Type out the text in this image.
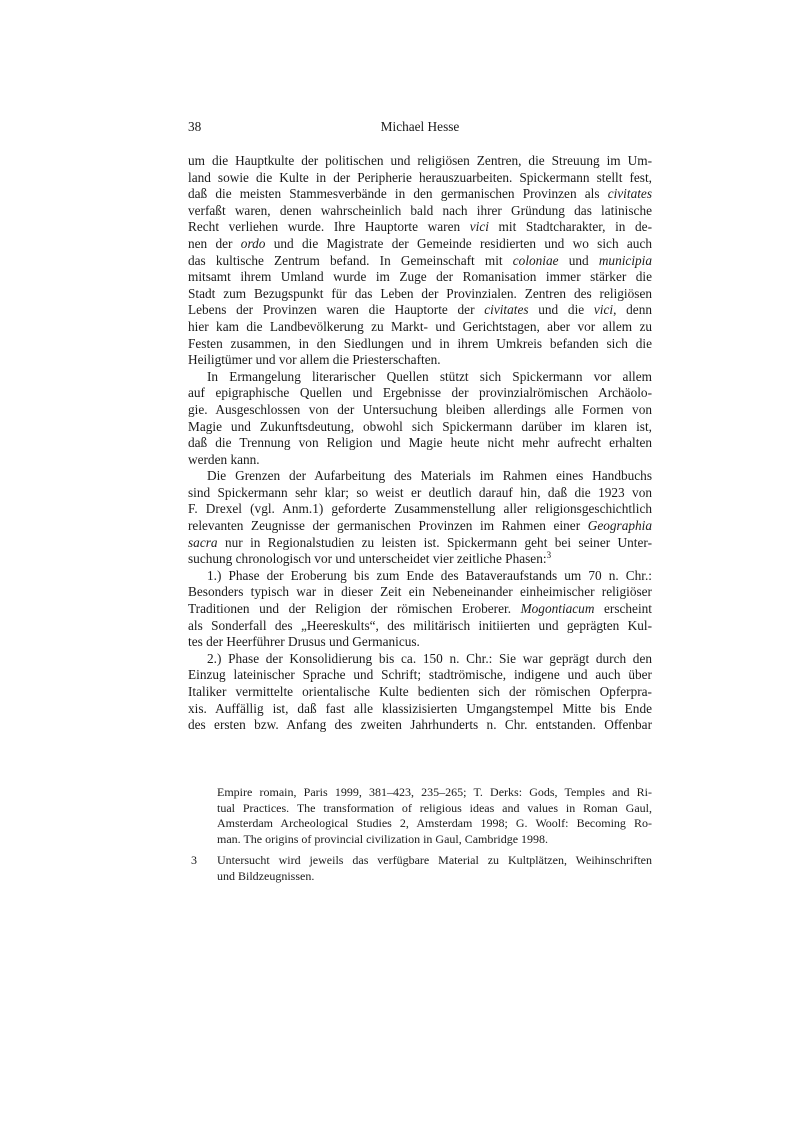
38	Michael Hesse
um die Hauptkulte der politischen und religiösen Zentren, die Streuung im Um-
land sowie die Kulte in der Peripherie herauszuarbeiten. Spickermann stellt fest,
daß die meisten Stammesverbände in den germanischen Provinzen als civitates
verfaßt waren, denen wahrscheinlich bald nach ihrer Gründung das latinische
Recht verliehen wurde. Ihre Hauptorte waren vici mit Stadtcharakter, in de-
nen der ordo und die Magistrate der Gemeinde residierten und wo sich auch
das kultische Zentrum befand. In Gemeinschaft mit coloniae und municipia
mitsamt ihrem Umland wurde im Zuge der Romanisation immer stärker die
Stadt zum Bezugspunkt für das Leben der Provinzialen. Zentren des religiösen
Lebens der Provinzen waren die Hauptorte der civitates und die vici, denn
hier kam die Landbevölkerung zu Markt- und Gerichtstagen, aber vor allem zu
Festen zusammen, in den Siedlungen und in ihrem Umkreis befanden sich die
Heiligtümer und vor allem die Priesterschaften.
In Ermangelung literarischer Quellen stützt sich Spickermann vor allem
auf epigraphische Quellen und Ergebnisse der provinzialrömischen Archäolo-
gie. Ausgeschlossen von der Untersuchung bleiben allerdings alle Formen von
Magie und Zukunftsdeutung, obwohl sich Spickermann darüber im klaren ist,
daß die Trennung von Religion und Magie heute nicht mehr aufrecht erhalten
werden kann.
Die Grenzen der Aufarbeitung des Materials im Rahmen eines Handbuchs
sind Spickermann sehr klar; so weist er deutlich darauf hin, daß die 1923 von
F. Drexel (vgl. Anm.1) geforderte Zusammenstellung aller religionsgeschichtlich
relevanten Zeugnisse der germanischen Provinzen im Rahmen einer Geographia
sacra nur in Regionalstudien zu leisten ist. Spickermann geht bei seiner Unter-
suchung chronologisch vor und unterscheidet vier zeitliche Phasen:$^3$
1.) Phase der Eroberung bis zum Ende des Bataveraufstands um 70 n. Chr.:
Besonders typisch war in dieser Zeit ein Nebeneinander einheimischer religiöser
Traditionen und der Religion der römischen Eroberer. Mogontiacum erscheint
als Sonderfall des „Heereskults“, des militärisch initiierten und geprägten Kul-
tes der Heerführer Drusus und Germanicus.
2.) Phase der Konsolidierung bis ca. 150 n. Chr.: Sie war geprägt durch den
Einzug lateinischer Sprache und Schrift; stadtrömische, indigene und auch über
Italiker vermittelte orientalische Kulte bedienten sich der römischen Opferpra-
xis. Auffällig ist, daß fast alle klassizisierten Umgangstempel Mitte bis Ende
des ersten bzw. Anfang des zweiten Jahrhunderts n. Chr. entstanden. Offenbar
Empire romain, Paris 1999, 381–423, 235–265; T. Derks: Gods, Temples and Ri-
tual Practices. The transformation of religious ideas and values in Roman Gaul,
Amsterdam Archeological Studies 2, Amsterdam 1998; G. Woolf: Becoming Ro-
man. The origins of provincial civilization in Gaul, Cambridge 1998.
3 Untersucht wird jeweils das verfügbare Material zu Kultplätzen, Weihinschriften
und Bildzeugnissen.
